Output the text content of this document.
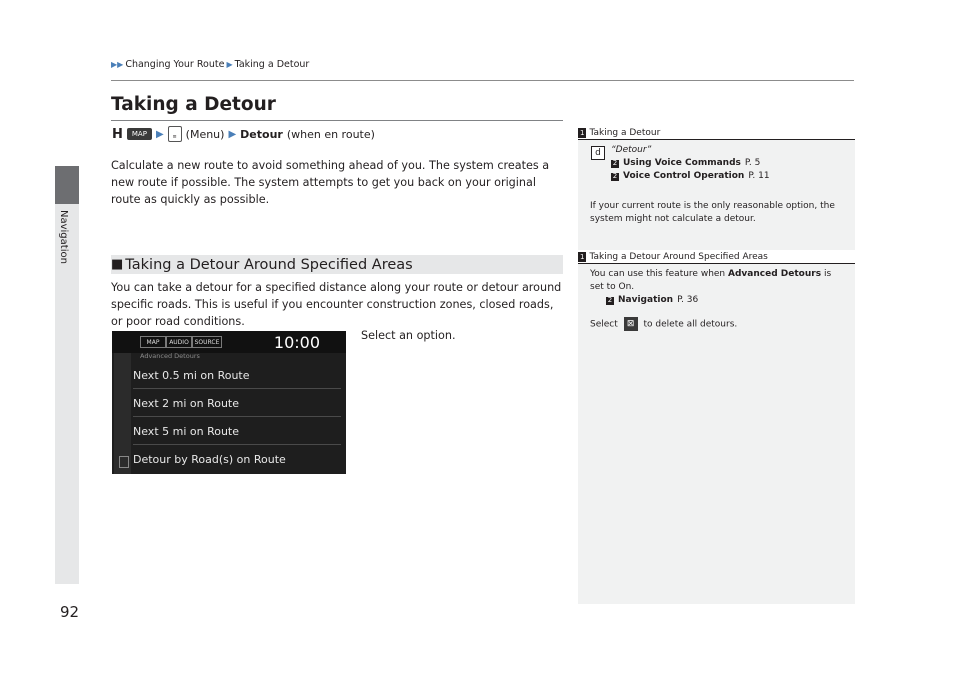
Navigation
92
▶▶ Changing Your Route ▶ Taking a Detour
Taking a Detour
H	MAP ▶	≡ (Menu) ▶ Detour (when en route)

Calculate a new route to avoid something ahead of you. The system creates a new route if possible. The system attempts to get you back on your original route as quickly as possible.

■ Taking a Detour Around Specified Areas

You can take a detour for a specified distance along your route or detour around specific roads. This is useful if you encounter construction zones, closed roads, or poor road conditions.

Select an option.
MAP	AUDIO SOURCE	10:00
Advanced Detours
Next 0.5 mi on Route
Next 2 mi on Route
Next 5 mi on Route
Detour by Road(s) on Route
1 Taking a Detour
d	“Detour”
2 Using Voice Commands P. 5
2 Voice Control Operation P. 11
If your current route is the only reasonable option, the system might not calculate a detour.
1 Taking a Detour Around Specified Areas
You can use this feature when Advanced Detours is set to On.
2 Navigation P. 36
Select ⊠ to delete all detours.
